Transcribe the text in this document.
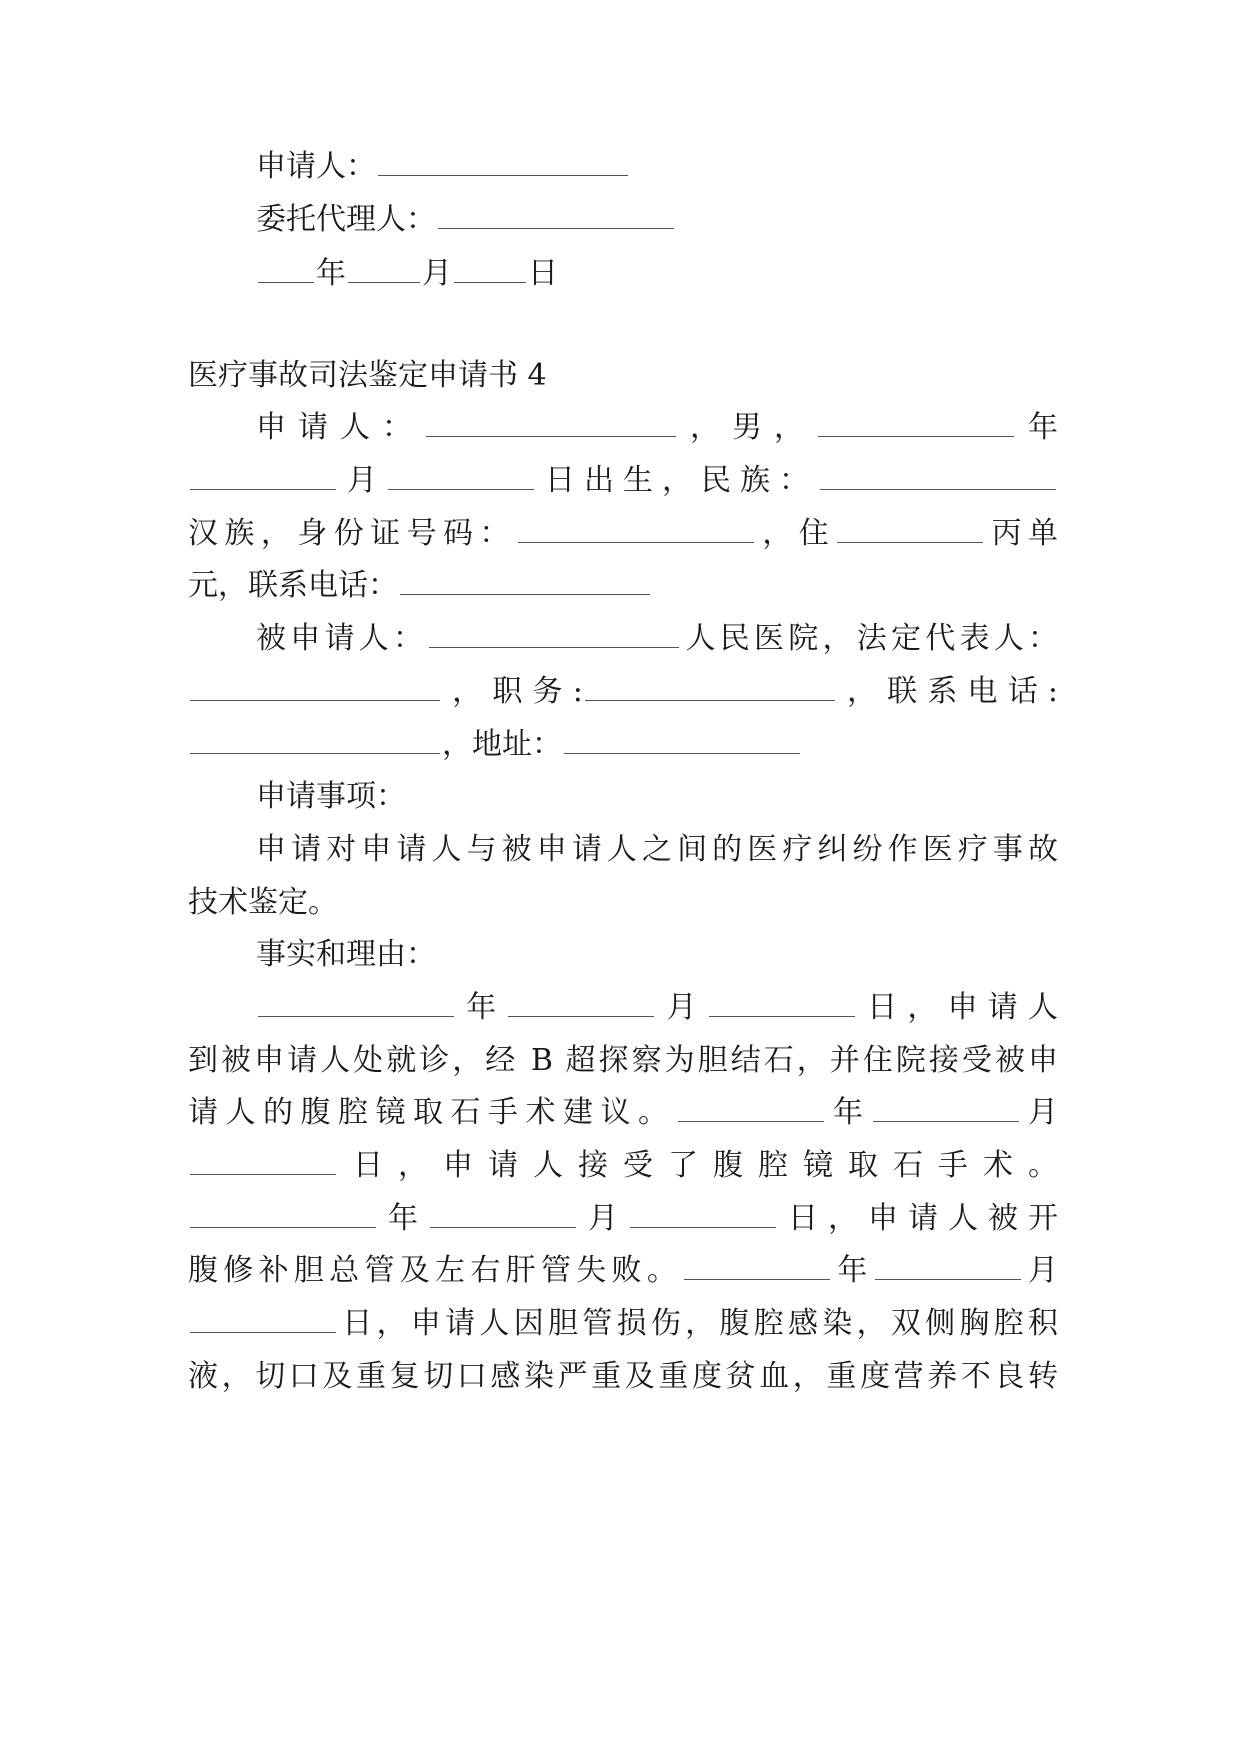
申请人：
委托代理人：
年	月	日
医疗事故司法鉴定申请书 4
申请人：	，男，	年
月	日出生，民族：
汉族，身份证号码：	，住	丙单
元，联系电话：
被申请人：	人民医院，法定代表人：
，职务:	，联系电话:
，地址：
申请事项：
申请对申请人与被申请人之间的医疗纠纷作医疗事故
技术鉴定。
事实和理由：
年	月	日，申请人
到被申请人处就诊，经 B 超探察为胆结石，并住院接受被申
请人的腹腔镜取石手术建议。	年	月
日，申请人接受了腹腔镜取石手术。
年	月	日，申请人被开
腹修补胆总管及左右肝管失败。	年	月
日，申请人因胆管损伤，腹腔感染，双侧胸腔积
液，切口及重复切口感染严重及重度贫血，重度营养不良转
